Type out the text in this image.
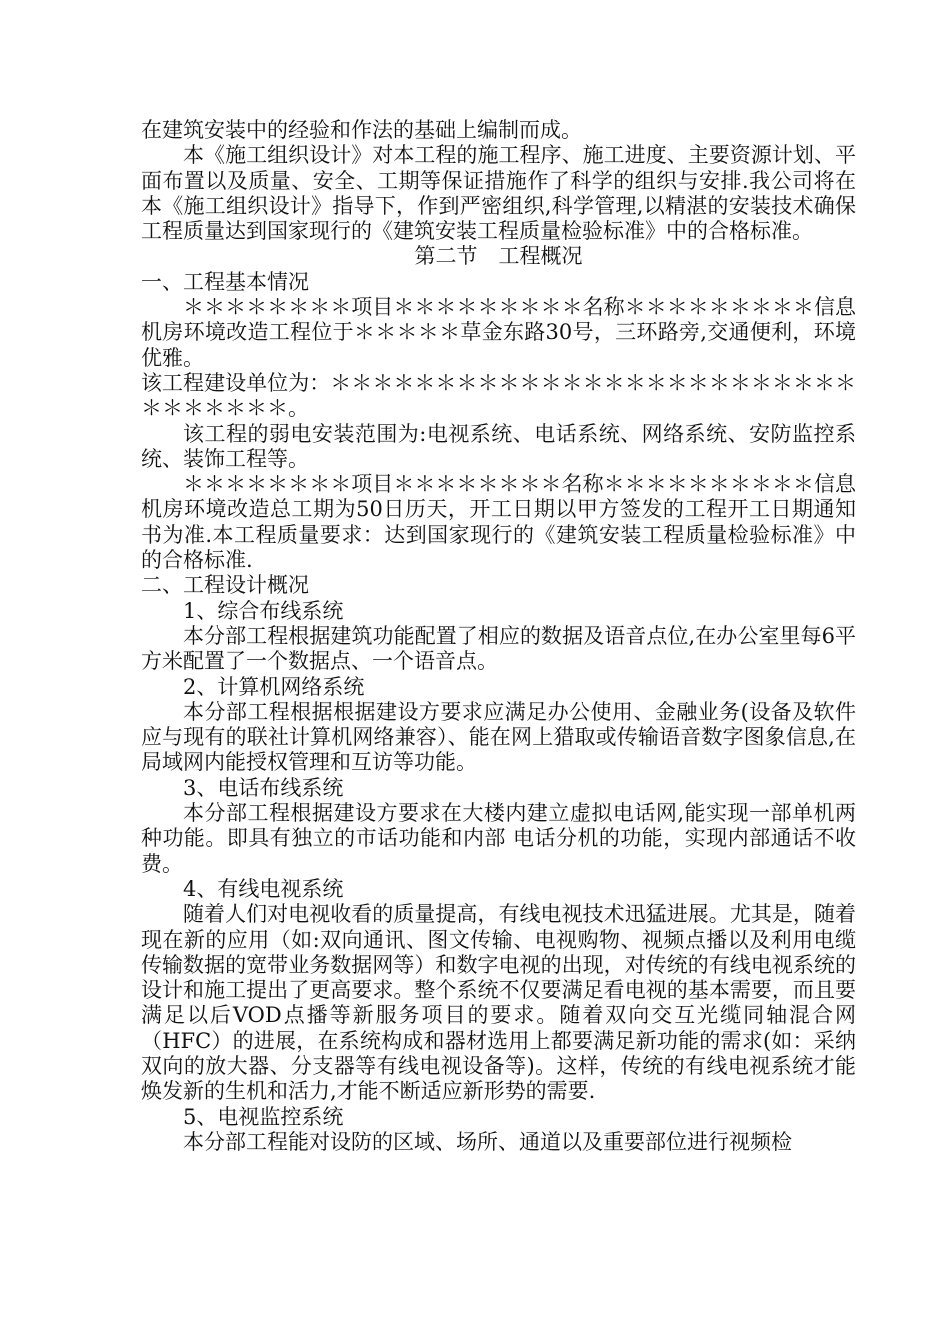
在建筑安装中的经验和作法的基础上编制而成。

本《施工组织设计》对本工程的施工程序、施工进度、主要资源计划、平面布置以及质量、安全、工期等保证措施作了科学的组织与安排.我公司将在本《施工组织设计》指导下，作到严密组织,科学管理,以精湛的安装技术确保工程质量达到国家现行的《建筑安装工程质量检验标准》中的合格标准。

第二节　工程概况

一、工程基本情况

＊＊＊＊＊＊＊＊项目＊＊＊＊＊＊＊＊＊名称＊＊＊＊＊＊＊＊＊信息机房环境改造工程位于＊＊＊＊＊草金东路30号，三环路旁,交通便利，环境优雅。

该工程建设单位为：＊＊＊＊＊＊＊＊＊＊＊＊＊＊＊＊＊＊＊＊＊＊＊＊＊＊＊＊＊＊＊＊。

该工程的弱电安装范围为:电视系统、电话系统、网络系统、安防监控系统、装饰工程等。

＊＊＊＊＊＊＊＊项目＊＊＊＊＊＊＊＊名称＊＊＊＊＊＊＊＊＊＊信息机房环境改造总工期为50日历天，开工日期以甲方签发的工程开工日期通知书为准.本工程质量要求：达到国家现行的《建筑安装工程质量检验标准》中的合格标准.

二、工程设计概况

1、综合布线系统

本分部工程根据建筑功能配置了相应的数据及语音点位,在办公室里每6平方米配置了一个数据点、一个语音点。

2、计算机网络系统

本分部工程根据根据建设方要求应满足办公使用、金融业务(设备及软件应与现有的联社计算机网络兼容）、能在网上猎取或传输语音数字图象信息,在局域网内能授权管理和互访等功能。

3、电话布线系统

本分部工程根据建设方要求在大楼内建立虚拟电话网,能实现一部单机两种功能。即具有独立的市话功能和内部 电话分机的功能，实现内部通话不收费。

4、有线电视系统

随着人们对电视收看的质量提高，有线电视技术迅猛进展。尤其是，随着现在新的应用（如:双向通讯、图文传输、电视购物、视频点播以及利用电缆传输数据的宽带业务数据网等）和数字电视的出现，对传统的有线电视系统的设计和施工提出了更高要求。整个系统不仅要满足看电视的基本需要，而且要满足以后VOD点播等新服务项目的要求。随着双向交互光缆同轴混合网（HFC）的进展，在系统构成和器材选用上都要满足新功能的需求(如：采纳双向的放大器、分支器等有线电视设备等)。这样，传统的有线电视系统才能焕发新的生机和活力,才能不断适应新形势的需要.

5、电视监控系统

本分部工程能对设防的区域、场所、通道以及重要部位进行视频检
